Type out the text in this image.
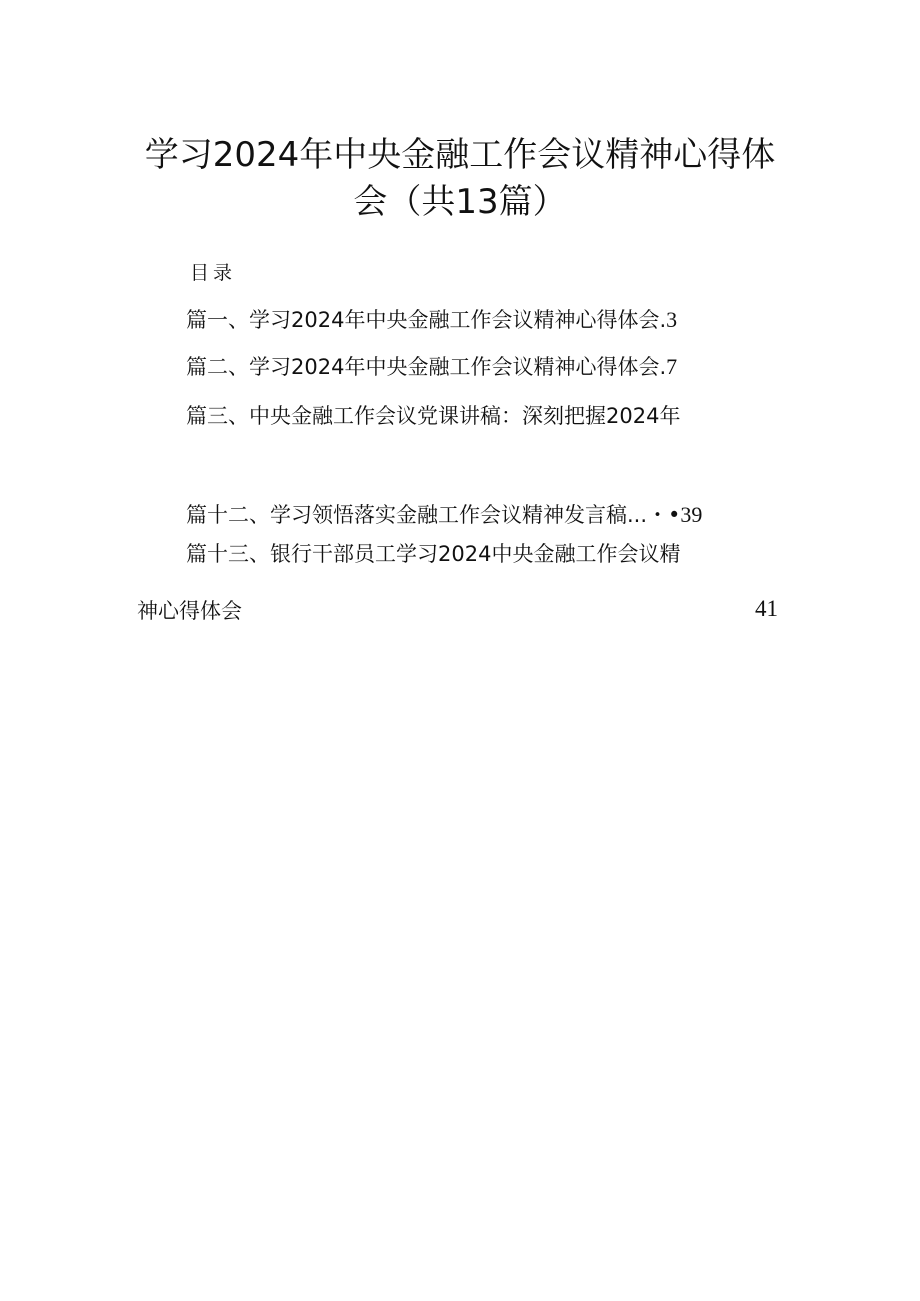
学习2024年中央金融工作会议精神心得体
会（共13篇）
目录
篇一、学习2024年中央金融工作会议精神心得体会.3
篇二、学习2024年中央金融工作会议精神心得体会.7
篇三、中央金融工作会议党课讲稿：深刻把握2024年
篇十二、学习领悟落实金融工作会议精神发言稿...・•39
篇十三、银行干部员工学习2024中央金融工作会议精
神心得体会	41
